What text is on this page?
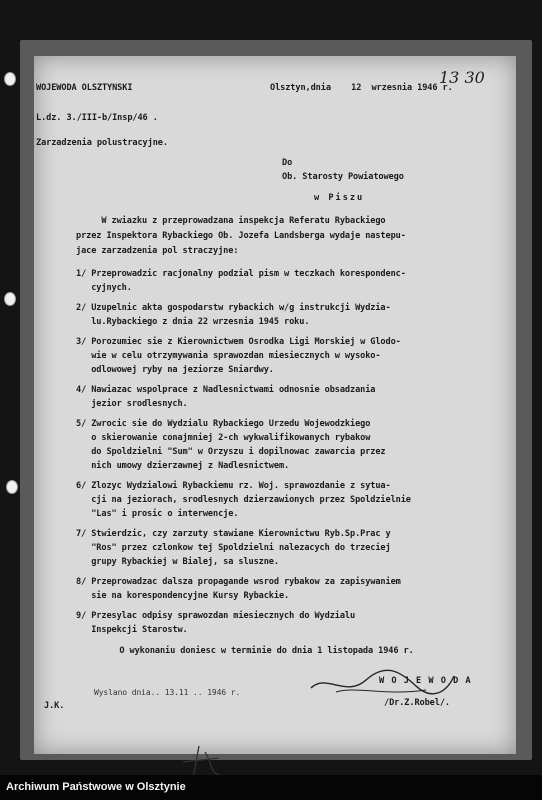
WOJEWODA OLSZTYNSKI	Olsztyn,dnia    12  wrzesnia 1946 r.
13 30
L.dz. 3./III-b/Insp/46 .
Zarzadzenia polustracyjne.
Do
Ob. Starosty Powiatowego
w Piszu
W zwiazku z przeprowadzana inspekcja Referatu Rybackiego
przez Inspektora Rybackiego Ob. Jozefa Landsberga wydaje nastepu-
jace zarzadzenia pol straczyjne:
1/ Przeprowadzic racjonalny podzial pism w teczkach korespondenc-
cyjnych.
2/ Uzupelnic akta gospodarstw rybackich w/g instrukcji Wydzia-
lu.Rybackiego z dnia 22 wrzesnia 1945 roku.
3/ Porozumiec sie z Kierownictwem Osrodka Ligi Morskiej w Glodo-
wie w celu otrzymywania sprawozdan miesiecznych w wysoko-
odlowowej ryby na jeziorze Sniardwy.
4/ Nawiazac wspolprace z Nadlesnictwami odnosnie obsadzania
jezior srodlesnych.
5/ Zwrocic sie do Wydzialu Rybackiego Urzedu Wojewodzkiego
o skierowanie conajmniej 2-ch wykwalifikowanych rybakow
do Spoldzielni "Sum" w Orzyszu i dopilnowac zawarcia przez
nich umowy dzierzawnej z Nadlesnictwem.
6/ Zlozyc Wydzialowi Rybackiemu rz. Woj. sprawozdanie z sytua-
cji na jeziorach, srodlesnych dzierzawionych przez Spoldzielnie
"Las" i prosic o interwencje.
7/ Stwierdzic, czy zarzuty stawiane Kierownictwu Ryb.Sp.Prac y
"Ros" przez czlonkow tej Spoldzielni nalezacych do trzeciej
grupy Rybackiej w Bialej, sa sluszne.
8/ Przeprowadzac dalsza propagande wsrod rybakow za zapisywaniem
sie na korespondencyjne Kursy Rybackie.
9/ Przesylac odpisy sprawozdan miesiecznych do Wydzialu
Inspekcji Starostw.
O wykonaniu doniesc w terminie do dnia 1 listopada 1946 r.
W O J E W O D A
/Dr.Z.Robel/.
Wyslano dnia.. 13.11 .. 1946 r.
J.K.
Archiwum Państwowe w Olsztynie
